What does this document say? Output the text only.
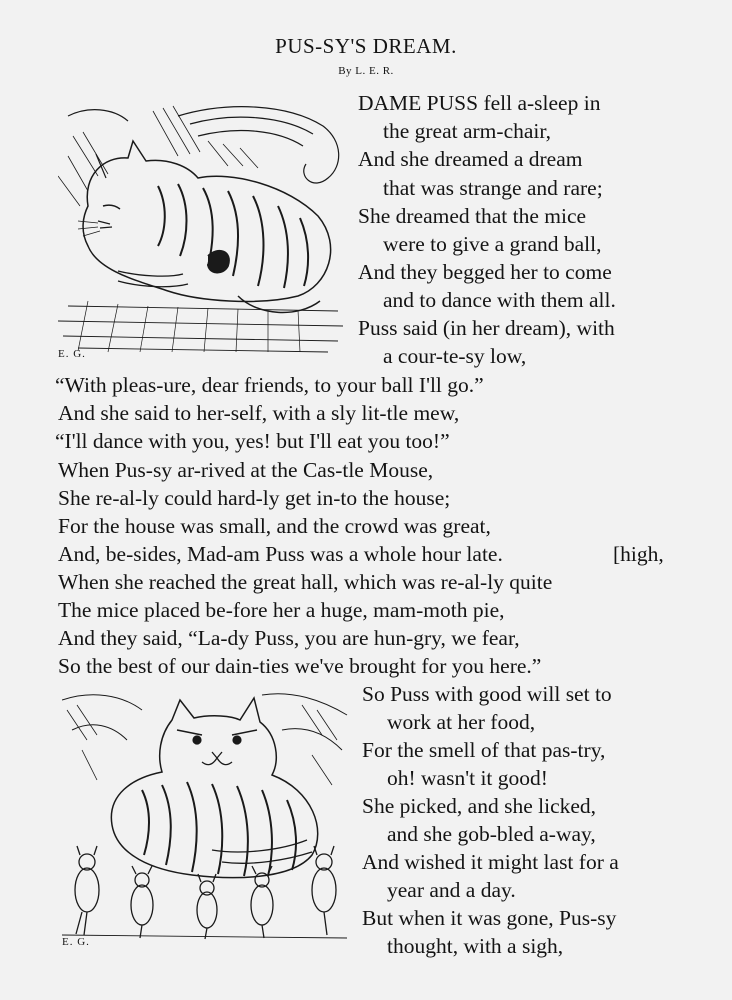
PUS-SY'S DREAM.
By L. E. R.
E. G.
E. G.
DAME PUSS fell a-sleep in
the great arm-chair,
And she dreamed a dream
that was strange and rare;
She dreamed that the mice
were to give a grand ball,
And they begged her to come
and to dance with them all.
Puss said (in her dream), with
a cour-te-sy low,
“With pleas-ure, dear friends, to your ball I'll go.”
And she said to her-self, with a sly lit-tle mew,
“I'll dance with you, yes! but I'll eat you too!”
When Pus-sy ar-rived at the Cas-tle Mouse,
She re-al-ly could hard-ly get in-to the house;
For the house was small, and the crowd was great,
And, be-sides, Mad-am Puss was a whole hour late.	[high,
When she reached the great hall, which was re-al-ly quite
The mice placed be-fore her a huge, mam-moth pie,
And they said, “La-dy Puss, you are hun-gry, we fear,
So the best of our dain-ties we've brought for you here.”
So Puss with good will set to
work at her food,
For the smell of that pas-try,
oh! wasn't it good!
She picked, and she licked,
and she gob-bled a-way,
And wished it might last for a
year and a day.
But when it was gone, Pus-sy
thought, with a sigh,
